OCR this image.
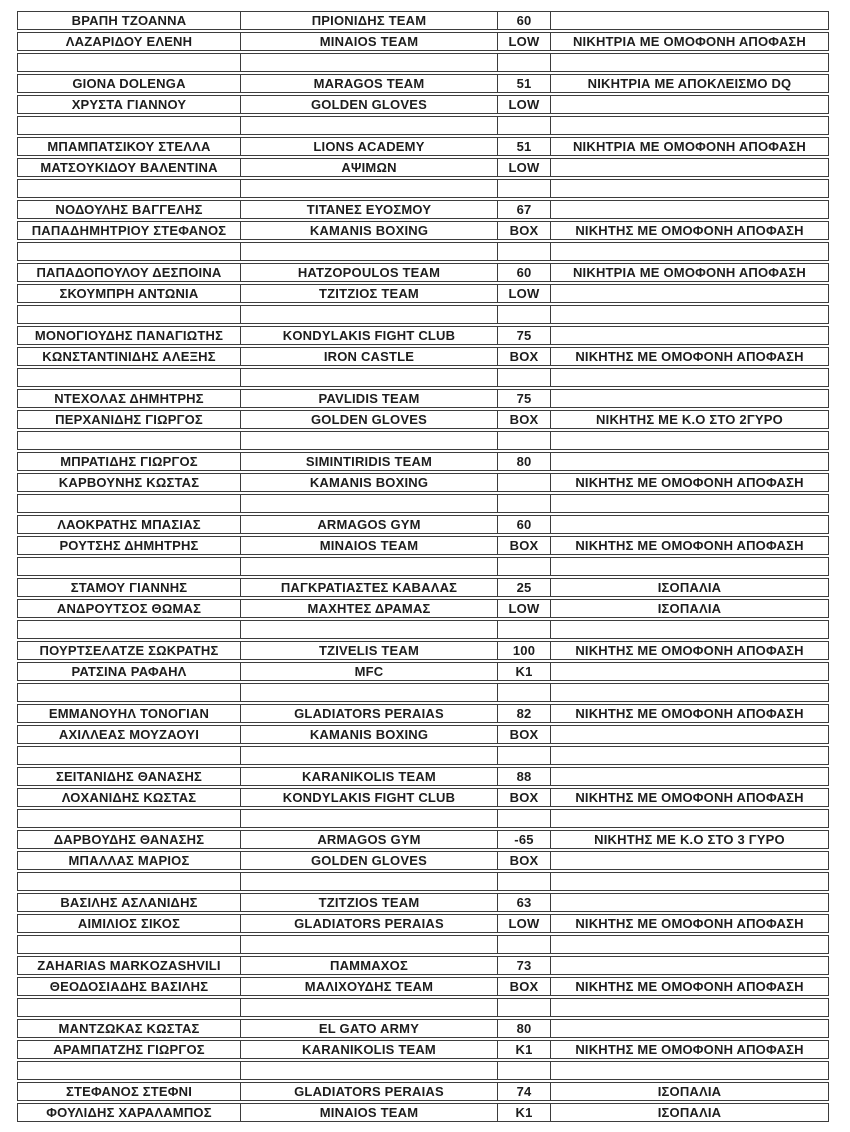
ΒΡΑΠΗ ΤΖΟΑΝΝΑ	ΠΡΙΟΝΙΔΗΣ TEAM	60	
ΛΑΖΑΡΙΔΟΥ ΕΛΕΝΗ	MINAIOS TEAM	LOW	ΝΙΚΗΤΡΙΑ ΜΕ ΟΜΟΦΟΝΗ ΑΠΟΦΑΣΗ

GIONA DOLENGA	MARAGOS TEAM	51	ΝΙΚΗΤΡΙΑ ΜΕ ΑΠΟΚΛΕΙΣΜΟ DQ
ΧΡΥΣΤΑ ΓΙΑΝΝΟΥ	GOLDEN GLOVES	LOW	

ΜΠΑΜΠΑΤΣΙΚΟΥ ΣΤΕΛΛΑ	LIONS ACADEMY	51	ΝΙΚΗΤΡΙΑ ΜΕ ΟΜΟΦΟΝΗ ΑΠΟΦΑΣΗ
ΜΑΤΣΟΥΚΙΔΟΥ ΒΑΛΕΝΤΙΝΑ	ΑΨΙΜΩΝ	LOW	

ΝΟΔΟΥΛΗΣ ΒΑΓΓΕΛΗΣ	ΤΙΤΑΝΕΣ ΕΥΟΣΜΟΥ	67	
ΠΑΠΑΔΗΜΗΤΡΙΟΥ ΣΤΕΦΑΝΟΣ	KAMANIS BOXING	BOX	ΝΙΚΗΤΗΣ ΜΕ ΟΜΟΦΟΝΗ ΑΠΟΦΑΣΗ

ΠΑΠΑΔΟΠΟΥΛΟΥ ΔΕΣΠΟΙΝΑ	HATZOPOULOS TEAM	60	ΝΙΚΗΤΡΙΑ ΜΕ ΟΜΟΦΟΝΗ ΑΠΟΦΑΣΗ
ΣΚΟΥΜΠΡΗ ΑΝΤΩΝΙΑ	ΤΖΙΤΖΙΟΣ TEAM	LOW	

ΜΟΝΟΓΙΟΥΔΗΣ ΠΑΝΑΓΙΩΤΗΣ	KONDYLAKIS FIGHT CLUB	75	
ΚΩΝΣΤΑΝΤΙΝΙΔΗΣ ΑΛΕΞΗΣ	IRON CASTLE	BOX	ΝΙΚΗΤΗΣ ΜΕ ΟΜΟΦΟΝΗ ΑΠΟΦΑΣΗ

ΝΤΕΧΟΛΑΣ ΔΗΜΗΤΡΗΣ	PAVLIDIS TEAM	75	
ΠΕΡΧΑΝΙΔΗΣ ΓΙΩΡΓΟΣ	GOLDEN GLOVES	BOX	ΝΙΚΗΤΗΣ ΜΕ Κ.Ο ΣΤΟ 2ΓΥΡΟ

ΜΠΡΑΤΙΔΗΣ ΓΙΩΡΓΟΣ	SIMINTIRIDIS TEAM	80	
ΚΑΡΒΟΥΝΗΣ ΚΩΣΤΑΣ	KAMANIS BOXING		ΝΙΚΗΤΗΣ ΜΕ ΟΜΟΦΟΝΗ ΑΠΟΦΑΣΗ

ΛΑΟΚΡΑΤΗΣ ΜΠΑΣΙΑΣ	ARMAGOS GYM	60	
ΡΟΥΤΣΗΣ ΔΗΜΗΤΡΗΣ	MINAIOS TEAM	BOX	ΝΙΚΗΤΗΣ ΜΕ ΟΜΟΦΟΝΗ ΑΠΟΦΑΣΗ

ΣΤΑΜΟΥ ΓΙΑΝΝΗΣ	ΠΑΓΚΡΑΤΙΑΣΤΕΣ ΚΑΒΑΛΑΣ	25	ΙΣΟΠΑΛΙΑ
ΑΝΔΡΟΥΤΣΟΣ ΘΩΜΑΣ	ΜΑΧΗΤΕΣ ΔΡΑΜΑΣ	LOW	ΙΣΟΠΑΛΙΑ

ΠΟΥΡΤΣΕΛΑΤΖΕ ΣΩΚΡΑΤΗΣ	TZIVELIS TEAM	100	ΝΙΚΗΤΗΣ ΜΕ ΟΜΟΦΟΝΗ ΑΠΟΦΑΣΗ
ΡΑΤΣΙΝΑ ΡΑΦΑΗΛ	MFC	K1	

ΕΜΜΑΝΟΥΗΛ ΤΟΝΟΓΙΑΝ	GLADIATORS PERAIAS	82	ΝΙΚΗΤΗΣ ΜΕ ΟΜΟΦΟΝΗ ΑΠΟΦΑΣΗ
ΑΧΙΛΛΕΑΣ ΜΟΥΖΑΟΥΙ	KAMANIS BOXING	BOX	

ΣΕΙΤΑΝΙΔΗΣ ΘΑΝΑΣΗΣ	KARANIKOLIS TEAM	88	
ΛΟΧΑΝΙΔΗΣ ΚΩΣΤΑΣ	KONDYLAKIS FIGHT CLUB	BOX	ΝΙΚΗΤΗΣ ΜΕ ΟΜΟΦΟΝΗ ΑΠΟΦΑΣΗ

ΔΑΡΒΟΥΔΗΣ ΘΑΝΑΣΗΣ	ARMAGOS GYM	-65	ΝΙΚΗΤΗΣ ΜΕ Κ.Ο ΣΤΟ 3 ΓΥΡΟ
ΜΠΑΛΛΑΣ ΜΑΡΙΟΣ	GOLDEN GLOVES	BOX	

ΒΑΣΙΛΗΣ ΑΣΛΑΝΙΔΗΣ	TZITZIOS TEAM	63	
ΑΙΜΙΛΙΟΣ ΣΙΚΟΣ	GLADIATORS PERAIAS	LOW	ΝΙΚΗΤΗΣ ΜΕ ΟΜΟΦΟΝΗ ΑΠΟΦΑΣΗ

ZAHARIAS MARKOZASHVILI	ΠΑΜΜΑΧΟΣ	73	
ΘΕΟΔΟΣΙΑΔΗΣ ΒΑΣΙΛΗΣ	ΜΑΛΙΧΟΥΔΗΣ TEAM	BOX	ΝΙΚΗΤΗΣ ΜΕ ΟΜΟΦΟΝΗ ΑΠΟΦΑΣΗ

ΜΑΝΤΖΩΚΑΣ ΚΩΣΤΑΣ	EL GATO ARMY	80	
ΑΡΑΜΠΑΤΖΗΣ ΓΙΩΡΓΟΣ	KARANIKOLIS TEAM	K1	ΝΙΚΗΤΗΣ ΜΕ ΟΜΟΦΟΝΗ ΑΠΟΦΑΣΗ

ΣΤΕΦΑΝΟΣ ΣΤΕΦΝΙ	GLADIATORS PERAIAS	74	ΙΣΟΠΑΛΙΑ
ΦΟΥΛΙΔΗΣ ΧΑΡΑΛΑΜΠΟΣ	MINAIOS TEAM	K1	ΙΣΟΠΑΛΙΑ
